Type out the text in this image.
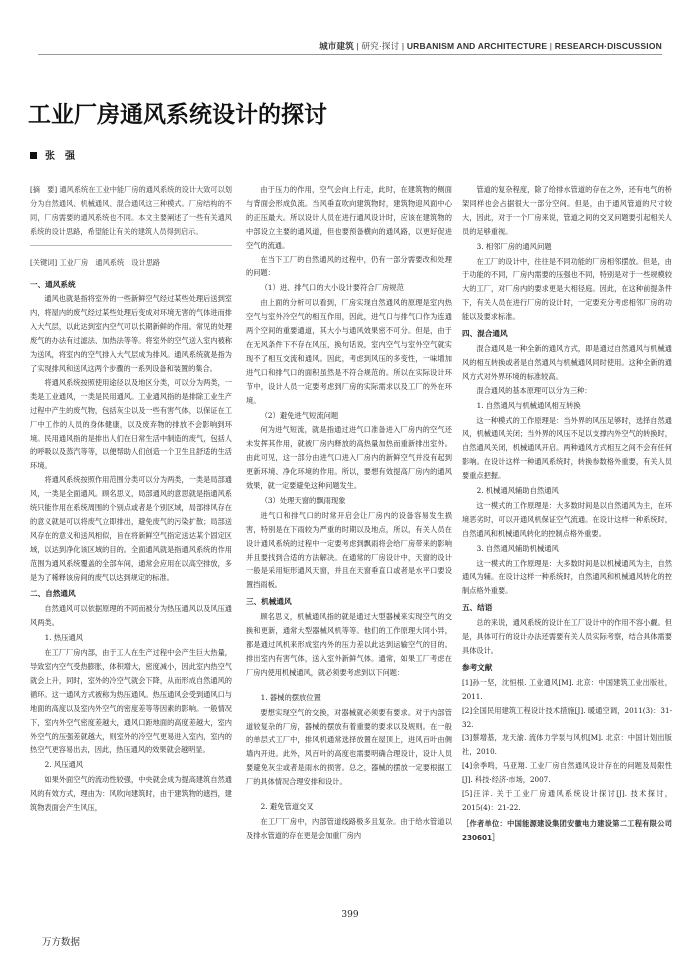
城市建筑 | 研究·探讨 | URBANISM AND ARCHITECTURE | RESEARCH·DISCUSSION
工业厂房通风系统设计的探讨
张　强

[摘　要] 通风系统在工业中能厂房的通风系统的设计大致可以划分为自然通风、机械通风、混合通风这三种模式。厂房结构的不同，厂房需要的通风系统也不同。本文主要阐述了一些有关通风系统的设计思路，希望能让有关的建筑人员得到启示。

[关键词] 工业厂房　通风系统　设计思路

一、通风系统

通风也就是指将室外的一些新鲜空气经过某些处理后送到室内，将屋内的废气经过某些处理后变成对环境无害的气体进而排入大气层，以此达到室内空气可以长期新鲜的作用。常见的处理废气的办法有过滤法、加热法等等。将室外的空气送入室内被称为送风，将室内的空气排入大气层成为排风。通风系统就是指为了实现排风和送风这两个步骤的一系列设备和装置的集合。

将通风系统按照使用途径以及地区分类，可以分为两类，一类是工业通风，一类是民用通风。工业通风指的是排除工业生产过程中产生的废气物，包括灰尘以及一些有害气体，以保证在工厂中工作的人员的身体健康，以及废弃物的排放不会影响到环境。民用通风指的是排出人们在日常生活中制造的废气，包括人的呼吸以及蒸汽等等，以便帮助人们创造一个卫生且舒适的生活环境。

将通风系统按照作用范围分类可以分为两类，一类是局部通风，一类是全面通风。顾名思义，局部通风的意思就是指通风系统只能作用在系统周围的个别点或者是个别区域，局部排风存在的意义就是可以将废气立即排出，避免废气的污染扩散；局部送风存在的意义和送风相似，旨在将新鲜空气指定送达某个固定区域，以达到净化该区域的目的。全面通风就是指通风系统的作用范围为通风系统覆盖的全部车间，通常会应用在以高空排放，多是为了稀释该房间的废气以达到规定的标准。

二、自然通风

自然通风可以依据原理的不同而被分为热压通风以及风压通风两类。

1. 热压通风

在工厂厂房内部，由于工人在生产过程中会产生巨大热量，导致室内空气受热膨胀，体积增大，密度减小，因此室内热空气就会上升，同时，室外的冷空气就会下降，从而形成自然通风的循环。这一通风方式被称为热压通风。热压通风会受到通风口与地面的高度以及室内外空气的密度差等等因素的影响。一般情况下，室内外空气密度差越大，通风口距地面的高度差越大，室内外空气的压强差就越大，则室外的冷空气更易进入室内，室内的热空气更容易出去，因此，热压通风的效果就会越明显。

2. 风压通风

如果外面空气的流动性较强，中央就会成为提高建筑自然通风的有效方式，理由为：风吹向建筑时，由于建筑物的遮挡，建筑物表面会产生风压，

由于压力的作用，空气会向上行走，此时，在建筑物的侧面与背面会形成负流。当风垂直吹向建筑物时，建筑物迎风面中心的正压最大。所以设计人员在进行通风设计时，应该在建筑物的中部设立主要的通风道，但也要预备横向的通风路，以更好促进空气的流通。

在当下工厂的自然通风的过程中，仍有一部分需要改和处理的问题：

（1）进、排气口的大小设计要符合厂房规范

由上面的分析可以看到，厂房实现自然通风的原理是室内热空气与室外冷空气的相互作用，因此，进气口与排气口作为连通两个空间的重要通道，其大小与通风效果密不可分。但是，由于在无风条件下不存在风压，换句话说，室内空气与室外空气就实现不了相互交流和通风。因此，考虑到风压的多变性，一味增加进气口和排气口的面积虽然是不符合规范的。所以在实际设计环节中，设计人员一定要考虑到厂房的实际需求以及工厂的外在环境。

（2）避免进气短流问题

何为进气短流，就是指通过进气口准备进入厂房内的空气还未发挥其作用，就被厂房内释放的高热量加热而重新排出室外。由此可见，这一部分由进气口进入厂房内的新鲜空气并没有起到更新环境、净化环境的作用。所以，要想有效提高厂房内的通风效果，就一定要避免这种问题发生。

（3）处理天窗的飘雨现象

进气口和排气口的时常开启会让厂房内的设备容易发生损害，特别是在下雨较为严重的时期以及地点，所以，有关人员在设计通风系统的过程中一定要考虑到飘雨将会给厂房带来的影响并且要找到合适的方法解决。在通常的厂房设计中，天窗的设计一般是采用矩形通风天窗，并且在天窗垂直口或者是水平口要设置挡雨板。

三、机械通风

顾名思义，机械通风指的就是通过大型器械来实现空气的交换和更新，通常大型器械风机等等。他们的工作原理大同小异，都是通过风机来形成室内外的压力差以此达到运输空气的目的。排出室内有害气体，送入室外新鲜气体。通常，如果工厂考虑在厂房内使用机械通风，就必须要考虑到以下问题：

1. 器械的摆放位置

要想实现空气的交换，对器械就必须要有要求。对于内部管道较复杂的厂房，器械的摆放有着重要的要求以及规则。在一般的单层式工厂中，排风机通常选择放置在屋顶上，进风百叶由侧墙内开进。此外，风百叶的高度也需要明确合理设计，设计人员要避免灰尘或者是雨水的损害。总之，器械的摆放一定要根据工厂的具体情况合理安排和设计。

2. 避免管道交叉

在工厂厂房中，内部管道线路极多且复杂。由于给水管道以及排水管道的存在更是会加重厂房内

管道的复杂程度，除了给排水管道的存在之外，还有电气的桥架同样也会占据很大一部分空间。但是，由于通风管道的尺寸较大，因此，对于一个厂房来说，管道之间的交叉问题要引起相关人员的足够重视。

3. 相邻厂房的通风问题

在工厂的设计中，往往是不同功能的厂房相邻摆放。但是，由于功能的不同，厂房内需要的压强也不同，特别是对于一些规模较大的工厂，对厂房内的要求更是大相径庭。因此，在这种前提条件下，有关人员在进行厂房的设计时，一定要充分考虑相邻厂房的功能以及要求标准。

四、混合通风

混合通风是一种全新的通风方式，即是通过自然通风与机械通风的相互转换或者是自然通风与机械通风同时使用。这种全新的通风方式对外界环境的标准较高。

混合通风的基本原理可以分为三种：

1. 自然通风与机械通风相互转换

这一种模式的工作原理是：当外界的风压足够时，选择自然通风，机械通风关闭；当外界的风压不足以支撑内外空气的转换时，自然通风关闭，机械通风开启。两种通风方式相互之间不会有任何影响。在设计这样一种通风系统时，转换参数格外重要，有关人员要重点把握。

2. 机械通风辅助自然通风

这一模式的工作原理是：大多数时间是以自然通风为主，在环境恶劣时，可以开通风机保证空气流通。在设计这样一种系统时，自然通风和机械通风转化的控制点格外重要。

3. 自然通风辅助机械通风

这一模式的工作原理是：大多数时间是以机械通风为主，自然通风为辅。在设计这样一种系统时，自然通风和机械通风转化的控制点格外重要。

五、结语

总的来说，通风系统的设计在工厂设计中的作用不容小觑。但是，具体可行的设计办法还需要有关人员实际考察，结合具体需要具体设计。

参考文献

[1]孙一坚，沈恒根. 工业通风[M]. 北京：中国建筑工业出版社，2011.

[2]全国民用建筑工程设计技术措施[J]. 暖通空调，2011(3)：31-32.

[3]蔡增基，龙天渝. 流体力学泵与风机[M]. 北京：中国计划出版社，2010.

[4]余季鸣，马亚翔. 工业厂房自然通风设计存在的问题及局限性[J]. 科技·经济·市场，2007.

[5]汪洋. 关于工业厂房通风系统设计探讨[J]. 技术探讨，2015(4)：21-22.

［作者单位：中国能源建设集团安徽电力建设第二工程有限公司 230601］

399
万方数据
